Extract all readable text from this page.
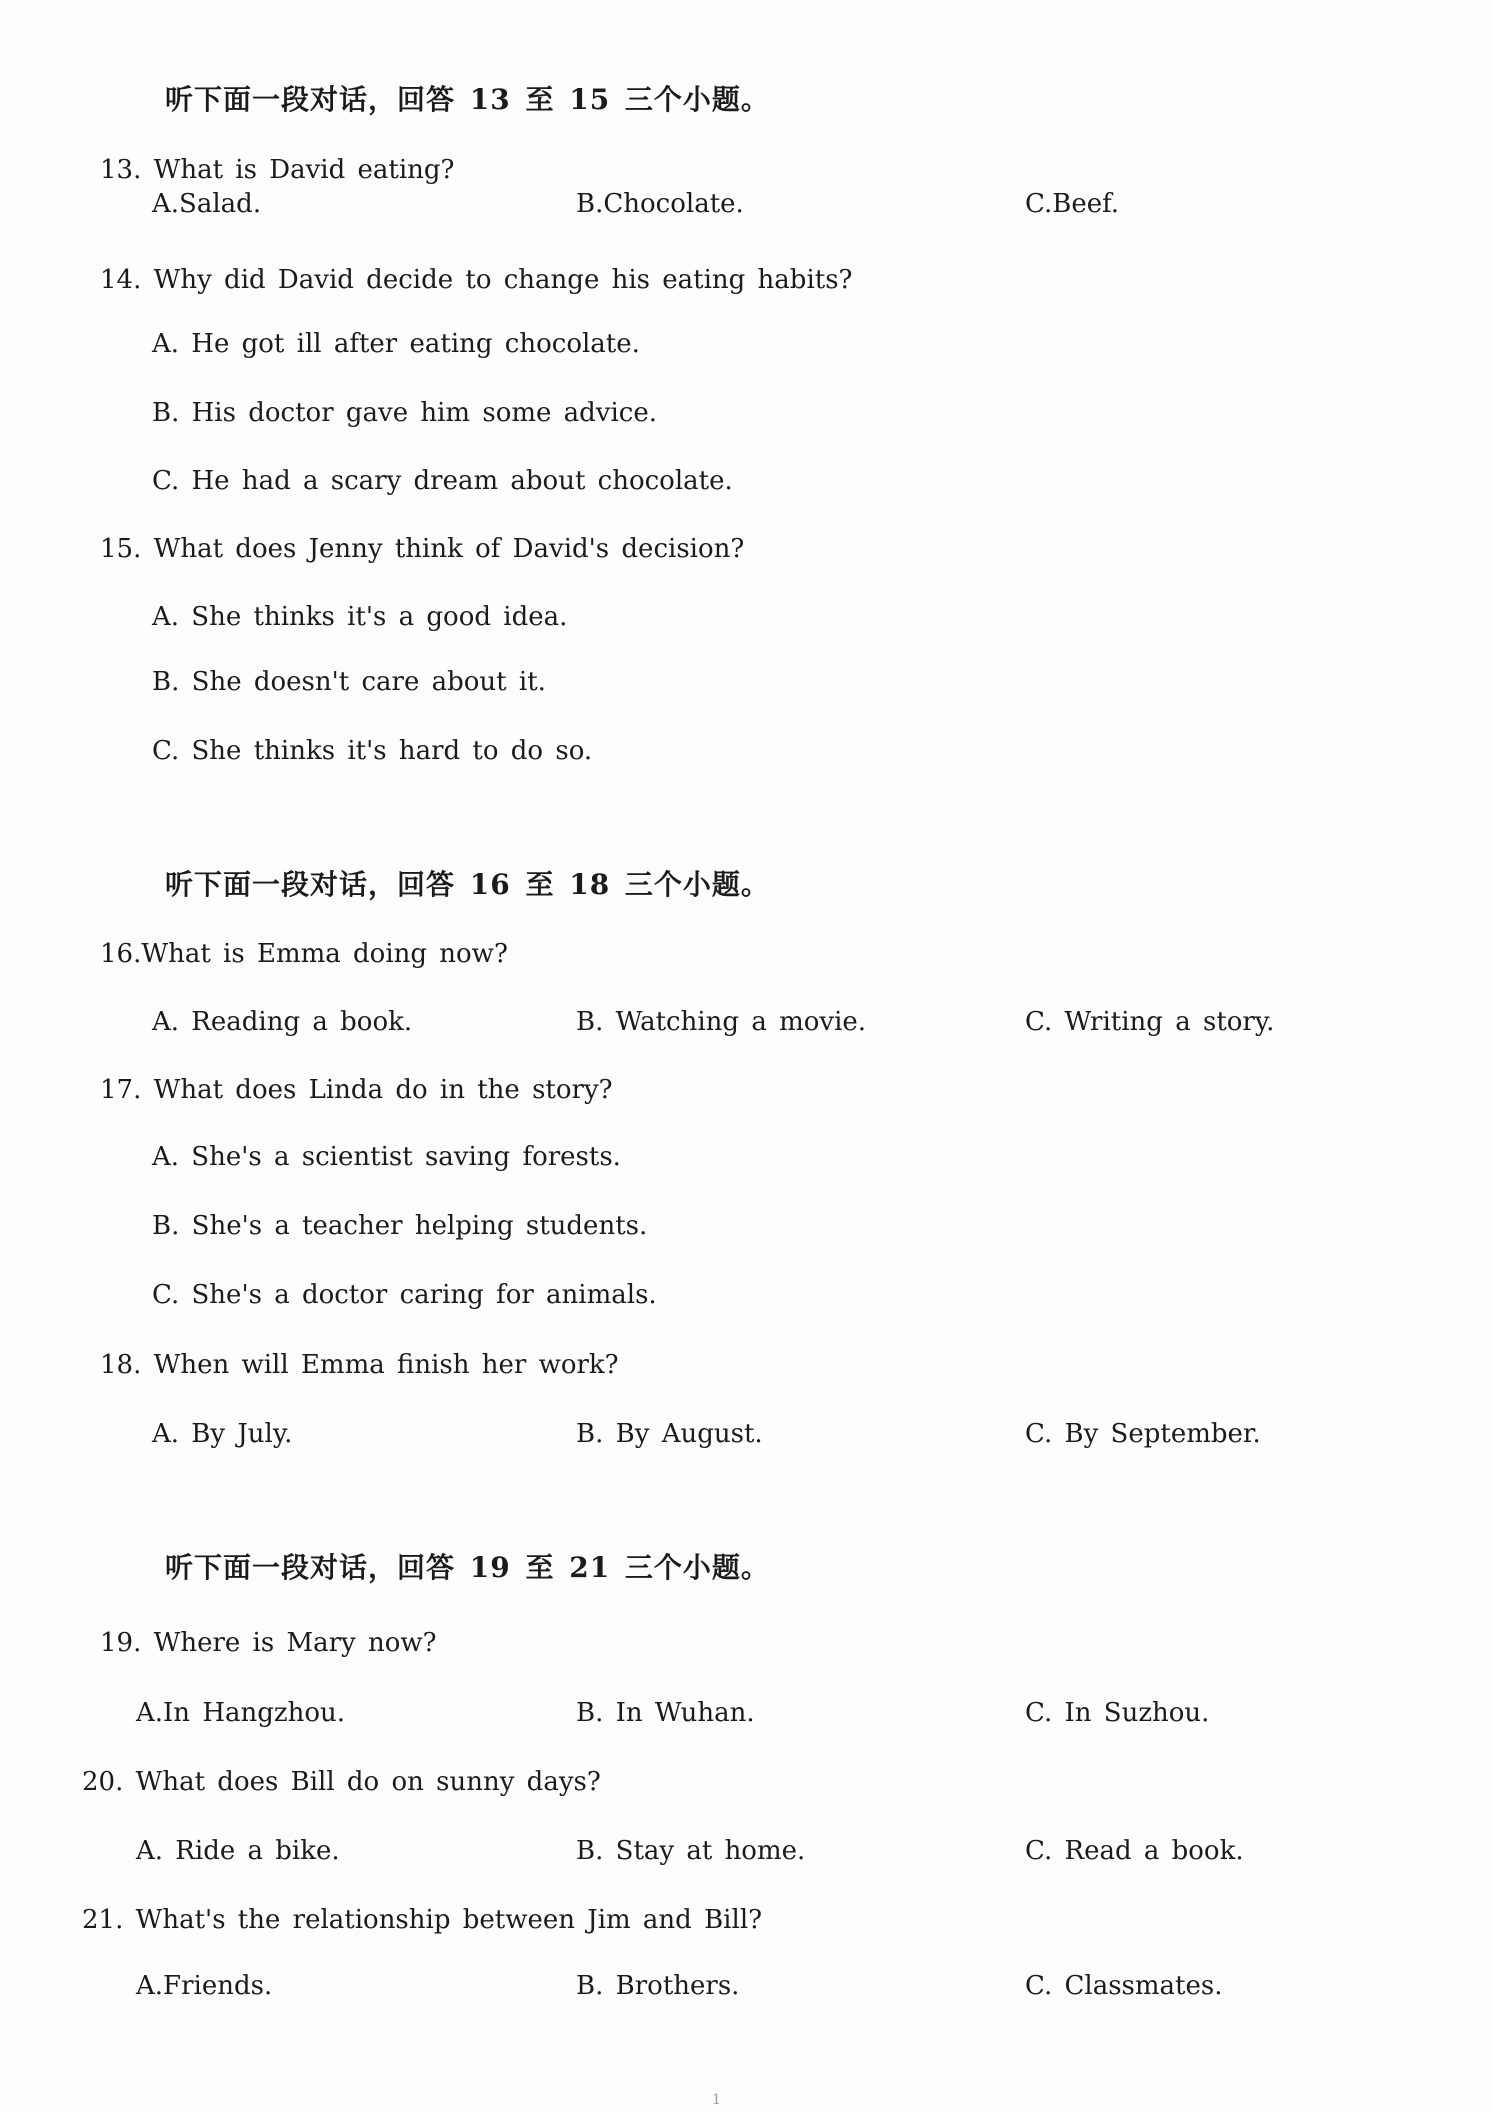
听下面一段对话，回答 13 至 15 三个小题。
13. What is David eating?
A.Salad.	B.Chocolate.	C.Beef.
14. Why did David decide to change his eating habits?
A. He got ill after eating chocolate.
B. His doctor gave him some advice.
C. He had a scary dream about chocolate.
15. What does Jenny think of David's decision?
A. She thinks it's a good idea.
B. She doesn't care about it.
C. She thinks it's hard to do so.
听下面一段对话，回答 16 至 18 三个小题。
16.What is Emma doing now?
A. Reading a book.	B. Watching a movie.	C. Writing a story.
17. What does Linda do in the story?
A. She's a scientist saving forests.
B. She's a teacher helping students.
C. She's a doctor caring for animals.
18. When will Emma finish her work?
A. By July.	B. By August.	C. By September.
听下面一段对话，回答 19 至 21 三个小题。
19. Where is Mary now?
A.In Hangzhou.	B. In Wuhan.	C. In Suzhou.
20. What does Bill do on sunny days?
A. Ride a bike.	B. Stay at home.	C. Read a book.
21. What's the relationship between Jim and Bill?
A.Friends.	B. Brothers.	C. Classmates.
1
